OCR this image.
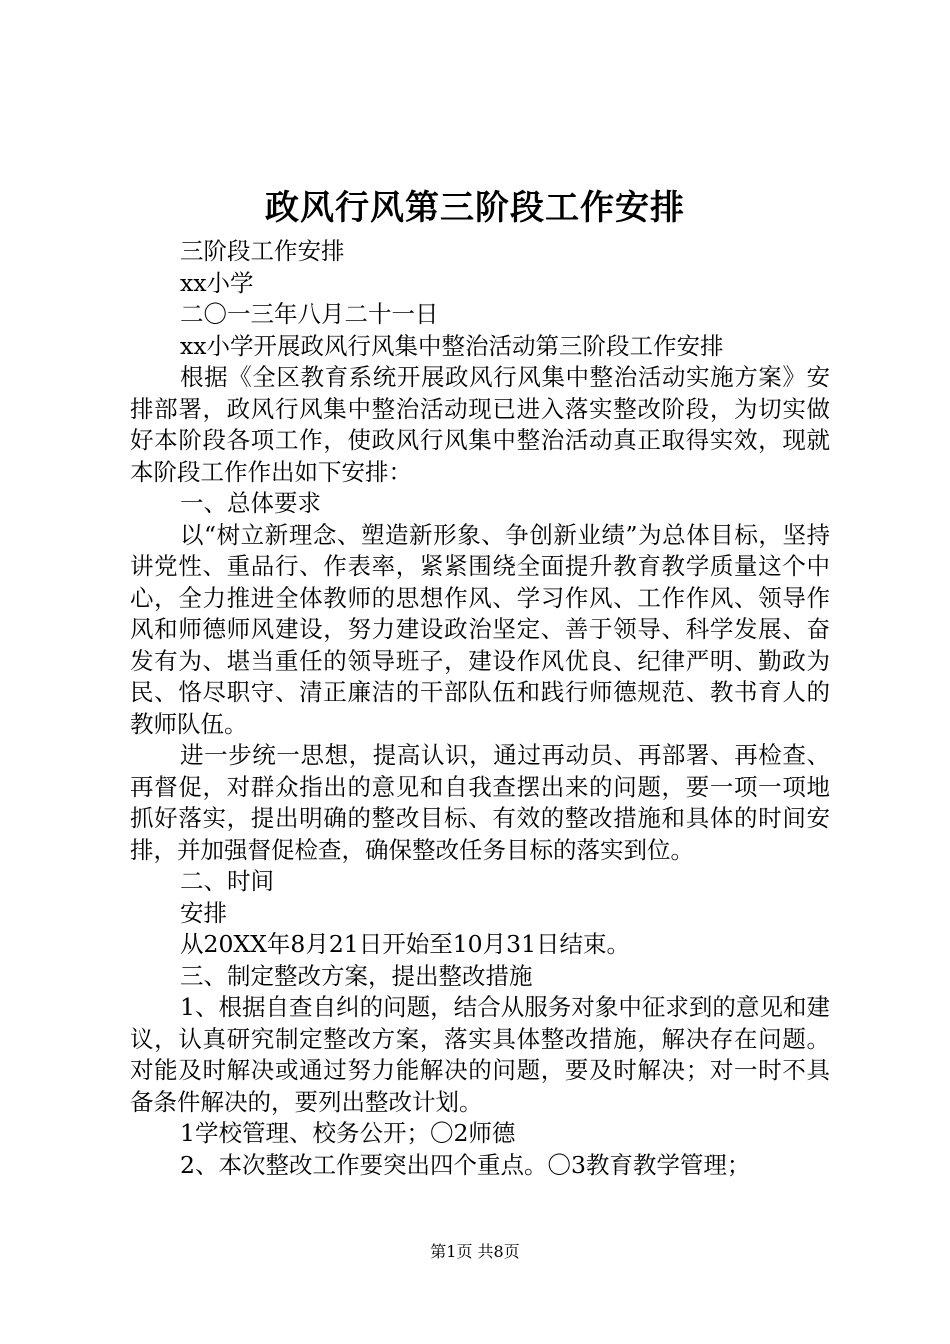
政风行风第三阶段工作安排

三阶段工作安排

xx小学

二〇一三年八月二十一日

xx小学开展政风行风集中整治活动第三阶段工作安排

根据《全区教育系统开展政风行风集中整治活动实施方案》安排部署，政风行风集中整治活动现已进入落实整改阶段，为切实做好本阶段各项工作，使政风行风集中整治活动真正取得实效，现就本阶段工作作出如下安排：

一、总体要求

以“树立新理念、塑造新形象、争创新业绩”为总体目标，坚持讲党性、重品行、作表率，紧紧围绕全面提升教育教学质量这个中心，全力推进全体教师的思想作风、学习作风、工作作风、领导作风和师德师风建设，努力建设政治坚定、善于领导、科学发展、奋发有为、堪当重任的领导班子，建设作风优良、纪律严明、勤政为民、恪尽职守、清正廉洁的干部队伍和践行师德规范、教书育人的教师队伍。

进一步统一思想，提高认识，通过再动员、再部署、再检查、再督促，对群众指出的意见和自我查摆出来的问题，要一项一项地抓好落实，提出明确的整改目标、有效的整改措施和具体的时间安排，并加强督促检查，确保整改任务目标的落实到位。

二、时间

安排

从20XX年8月21日开始至10月31日结束。

三、制定整改方案，提出整改措施

1、根据自查自纠的问题，结合从服务对象中征求到的意见和建议，认真研究制定整改方案，落实具体整改措施，解决存在问题。对能及时解决或通过努力能解决的问题，要及时解决；对一时不具备条件解决的，要列出整改计划。

1学校管理、校务公开；〇2师德

2、本次整改工作要突出四个重点。〇3教育教学管理；

第1页 共8页
